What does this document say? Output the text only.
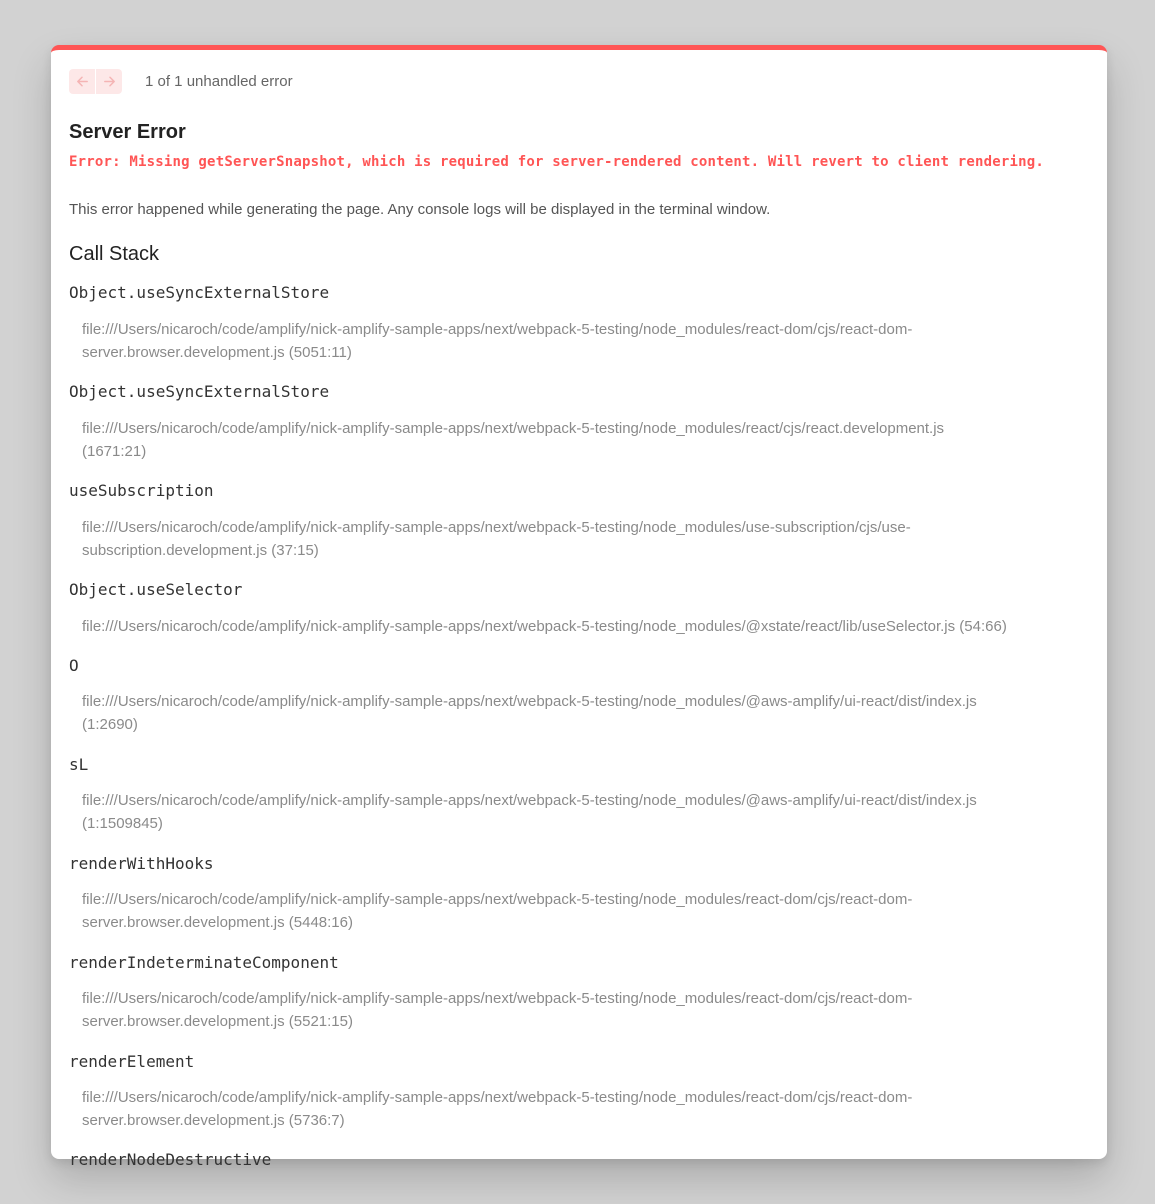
1 of 1 unhandled error
Server Error

Error: Missing getServerSnapshot, which is required for server-rendered content. Will revert to client rendering.

This error happened while generating the page. Any console logs will be displayed in the terminal window.

Call Stack
Object.useSyncExternalStore
file:///Users/nicaroch/code/amplify/nick-amplify-sample-apps/next/webpack-5-testing/node_modules/react-dom/cjs/react-dom-
server.browser.development.js (5051:11)
Object.useSyncExternalStore
file:///Users/nicaroch/code/amplify/nick-amplify-sample-apps/next/webpack-5-testing/node_modules/react/cjs/react.development.js
(1671:21)
useSubscription
file:///Users/nicaroch/code/amplify/nick-amplify-sample-apps/next/webpack-5-testing/node_modules/use-subscription/cjs/use-
subscription.development.js (37:15)
Object.useSelector
file:///Users/nicaroch/code/amplify/nick-amplify-sample-apps/next/webpack-5-testing/node_modules/@xstate/react/lib/useSelector.js (54:66)
O
file:///Users/nicaroch/code/amplify/nick-amplify-sample-apps/next/webpack-5-testing/node_modules/@aws-amplify/ui-react/dist/index.js
(1:2690)
sL
file:///Users/nicaroch/code/amplify/nick-amplify-sample-apps/next/webpack-5-testing/node_modules/@aws-amplify/ui-react/dist/index.js
(1:1509845)
renderWithHooks
file:///Users/nicaroch/code/amplify/nick-amplify-sample-apps/next/webpack-5-testing/node_modules/react-dom/cjs/react-dom-
server.browser.development.js (5448:16)
renderIndeterminateComponent
file:///Users/nicaroch/code/amplify/nick-amplify-sample-apps/next/webpack-5-testing/node_modules/react-dom/cjs/react-dom-
server.browser.development.js (5521:15)
renderElement
file:///Users/nicaroch/code/amplify/nick-amplify-sample-apps/next/webpack-5-testing/node_modules/react-dom/cjs/react-dom-
server.browser.development.js (5736:7)
renderNodeDestructive
